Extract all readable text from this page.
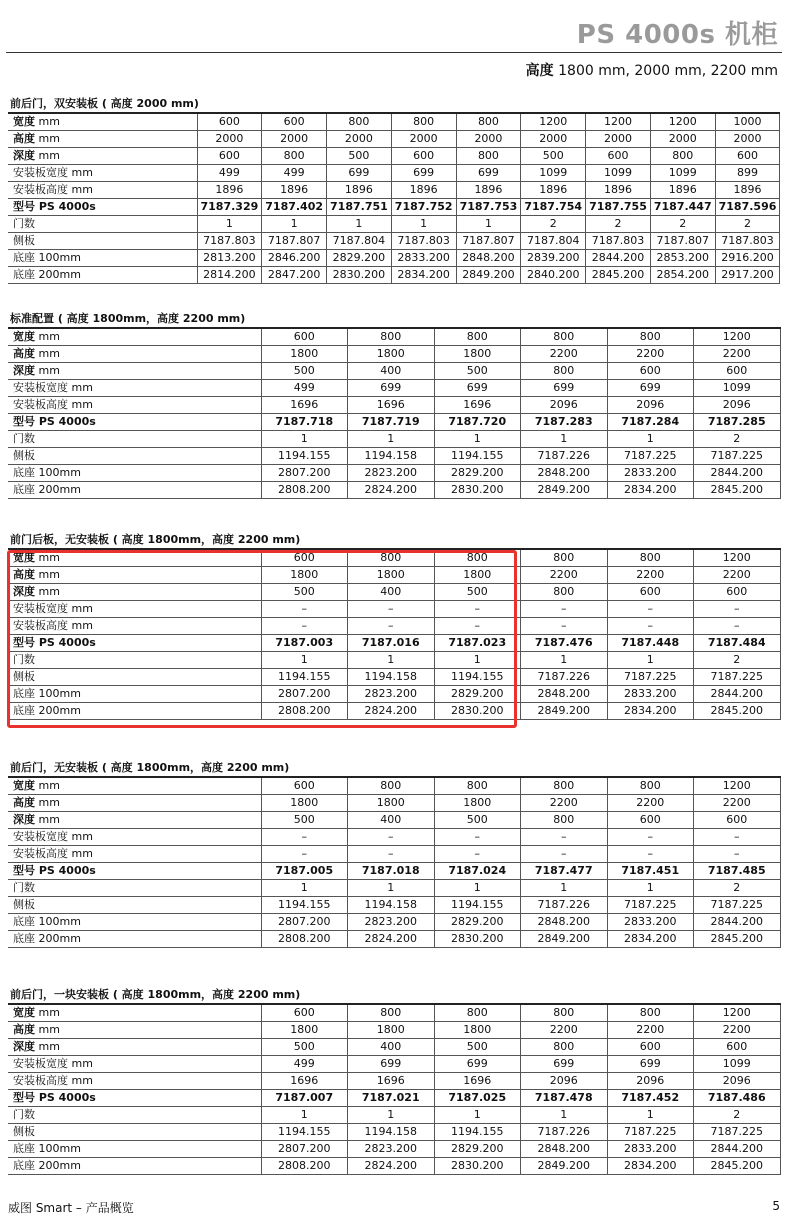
PS 4000s 机柜
高度 1800 mm, 2000 mm, 2200 mm
前后门，双安装板 ( 高度 2000 mm)
宽度 mm	600	600	800	800	800	1200	1200	1200	1000
高度 mm	2000	2000	2000	2000	2000	2000	2000	2000	2000
深度 mm	600	800	500	600	800	500	600	800	600
安装板宽度 mm	499	499	699	699	699	1099	1099	1099	899
安装板高度 mm	1896	1896	1896	1896	1896	1896	1896	1896	1896
型号 PS 4000s	7187.329	7187.402	7187.751	7187.752	7187.753	7187.754	7187.755	7187.447	7187.596
门数	1	1	1	1	1	2	2	2	2
侧板	7187.803	7187.807	7187.804	7187.803	7187.807	7187.804	7187.803	7187.807	7187.803
底座 100mm	2813.200	2846.200	2829.200	2833.200	2848.200	2839.200	2844.200	2853.200	2916.200
底座 200mm	2814.200	2847.200	2830.200	2834.200	2849.200	2840.200	2845.200	2854.200	2917.200
标准配置 ( 高度 1800mm，高度 2200 mm)
宽度 mm	600	800	800	800	800	1200
高度 mm	1800	1800	1800	2200	2200	2200
深度 mm	500	400	500	800	600	600
安装板宽度 mm	499	699	699	699	699	1099
安装板高度 mm	1696	1696	1696	2096	2096	2096
型号 PS 4000s	7187.718	7187.719	7187.720	7187.283	7187.284	7187.285
门数	1	1	1	1	1	2
侧板	1194.155	1194.158	1194.155	7187.226	7187.225	7187.225
底座 100mm	2807.200	2823.200	2829.200	2848.200	2833.200	2844.200
底座 200mm	2808.200	2824.200	2830.200	2849.200	2834.200	2845.200
前门后板，无安装板 ( 高度 1800mm，高度 2200 mm)
宽度 mm	600	800	800	800	800	1200
高度 mm	1800	1800	1800	2200	2200	2200
深度 mm	500	400	500	800	600	600
安装板宽度 mm	–	–	–	–	–	–
安装板高度 mm	–	–	–	–	–	–
型号 PS 4000s	7187.003	7187.016	7187.023	7187.476	7187.448	7187.484
门数	1	1	1	1	1	2
侧板	1194.155	1194.158	1194.155	7187.226	7187.225	7187.225
底座 100mm	2807.200	2823.200	2829.200	2848.200	2833.200	2844.200
底座 200mm	2808.200	2824.200	2830.200	2849.200	2834.200	2845.200
前后门，无安装板 ( 高度 1800mm，高度 2200 mm)
宽度 mm	600	800	800	800	800	1200
高度 mm	1800	1800	1800	2200	2200	2200
深度 mm	500	400	500	800	600	600
安装板宽度 mm	–	–	–	–	–	–
安装板高度 mm	–	–	–	–	–	–
型号 PS 4000s	7187.005	7187.018	7187.024	7187.477	7187.451	7187.485
门数	1	1	1	1	1	2
侧板	1194.155	1194.158	1194.155	7187.226	7187.225	7187.225
底座 100mm	2807.200	2823.200	2829.200	2848.200	2833.200	2844.200
底座 200mm	2808.200	2824.200	2830.200	2849.200	2834.200	2845.200
前后门，一块安装板 ( 高度 1800mm，高度 2200 mm)
宽度 mm	600	800	800	800	800	1200
高度 mm	1800	1800	1800	2200	2200	2200
深度 mm	500	400	500	800	600	600
安装板宽度 mm	499	699	699	699	699	1099
安装板高度 mm	1696	1696	1696	2096	2096	2096
型号 PS 4000s	7187.007	7187.021	7187.025	7187.478	7187.452	7187.486
门数	1	1	1	1	1	2
侧板	1194.155	1194.158	1194.155	7187.226	7187.225	7187.225
底座 100mm	2807.200	2823.200	2829.200	2848.200	2833.200	2844.200
底座 200mm	2808.200	2824.200	2830.200	2849.200	2834.200	2845.200
威图 Smart – 产品概览	5
